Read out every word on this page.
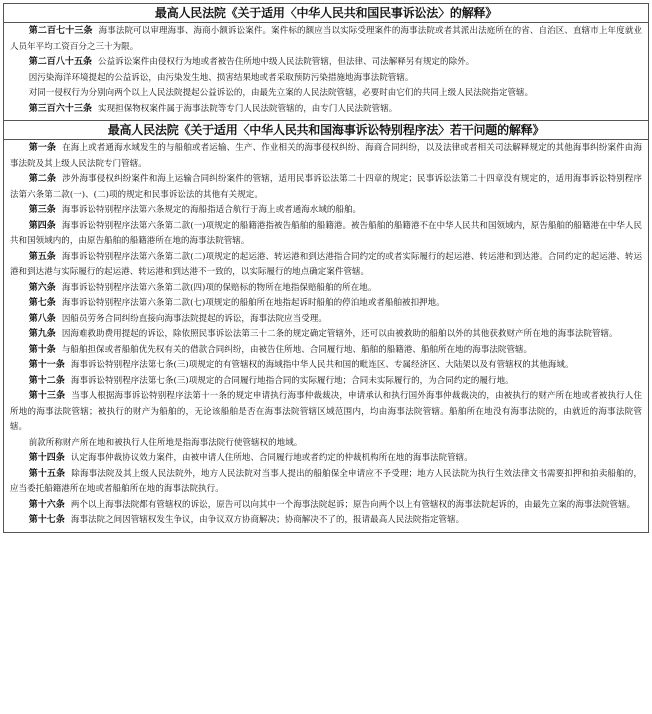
最高人民法院《关于适用〈中华人民共和国民事诉讼法〉的解释》

第二百七十三条 海事法院可以审理海事、海商小额诉讼案件。案件标的额应当以实际受理案件的海事法院或者其派出法庭所在的省、自治区、直辖市上年度就业人员年平均工资百分之三十为限。

第二百八十五条 公益诉讼案件由侵权行为地或者被告住所地中级人民法院管辖，但法律、司法解释另有规定的除外。

因污染海洋环境提起的公益诉讼，由污染发生地、损害结果地或者采取预防污染措施地海事法院管辖。

对同一侵权行为分别向两个以上人民法院提起公益诉讼的，由最先立案的人民法院管辖，必要时由它们的共同上级人民法院指定管辖。

第三百六十三条 实现担保物权案件属于海事法院等专门人民法院管辖的，由专门人民法院管辖。

最高人民法院《关于适用〈中华人民共和国海事诉讼特别程序法〉若干问题的解释》

第一条 在海上或者通海水域发生的与船舶或者运输、生产、作业相关的海事侵权纠纷、海商合同纠纷，以及法律或者相关司法解释规定的其他海事纠纷案件由海事法院及其上级人民法院专门管辖。

第二条 涉外海事侵权纠纷案件和海上运输合同纠纷案件的管辖，适用民事诉讼法第二十四章的规定；民事诉讼法第二十四章没有规定的，适用海事诉讼特别程序法第六条第二款(一)、(二)项的规定和民事诉讼法的其他有关规定。

第三条 海事诉讼特别程序法第六条规定的海船指适合航行于海上或者通海水域的船舶。

第四条 海事诉讼特别程序法第六条第二款(一)项规定的船籍港指被告船舶的船籍港。被告船舶的船籍港不在中华人民共和国领域内，原告船舶的船籍港在中华人民共和国领域内的，由原告船舶的船籍港所在地的海事法院管辖。

第五条 海事诉讼特别程序法第六条第二款(二)项规定的起运港、转运港和到达港指合同约定的或者实际履行的起运港、转运港和到达港。合同约定的起运港、转运港和到达港与实际履行的起运港、转运港和到达港不一致的，以实际履行的地点确定案件管辖。

第六条 海事诉讼特别程序法第六条第二款(四)项的保赔标的物所在地指保赔船舶的所在地。

第七条 海事诉讼特别程序法第六条第二款(七)项规定的船舶所在地指起诉时船舶的停泊地或者船舶被扣押地。

第八条 因船员劳务合同纠纷直接向海事法院提起的诉讼，海事法院应当受理。

第九条 因海难救助费用提起的诉讼，除依照民事诉讼法第三十二条的规定确定管辖外，还可以由被救助的船舶以外的其他获救财产所在地的海事法院管辖。

第十条 与船舶担保或者船舶优先权有关的借款合同纠纷，由被告住所地、合同履行地、船舶的船籍港、船舶所在地的海事法院管辖。

第十一条 海事诉讼特别程序法第七条(三)项规定的有管辖权的海域指中华人民共和国的毗连区、专属经济区、大陆架以及有管辖权的其他海域。

第十二条 海事诉讼特别程序法第七条(三)项规定的合同履行地指合同的实际履行地；合同未实际履行的，为合同约定的履行地。

第十三条 当事人根据海事诉讼特别程序法第十一条的规定申请执行海事仲裁裁决，申请承认和执行国外海事仲裁裁决的，由被执行的财产所在地或者被执行人住所地的海事法院管辖；被执行的财产为船舶的，无论该船舶是否在海事法院管辖区域范围内，均由海事法院管辖。船舶所在地没有海事法院的，由就近的海事法院管辖。

前款所称财产所在地和被执行人住所地是指海事法院行使管辖权的地域。

第十四条 认定海事仲裁协议效力案件，由被申请人住所地、合同履行地或者约定的仲裁机构所在地的海事法院管辖。

第十五条 除海事法院及其上级人民法院外，地方人民法院对当事人提出的船舶保全申请应不予受理；地方人民法院为执行生效法律文书需要扣押和拍卖船舶的，应当委托船籍港所在地或者船舶所在地的海事法院执行。

第十六条 两个以上海事法院都有管辖权的诉讼，原告可以向其中一个海事法院起诉；原告向两个以上有管辖权的海事法院起诉的，由最先立案的海事法院管辖。

第十七条 海事法院之间因管辖权发生争议，由争议双方协商解决；协商解决不了的，报请最高人民法院指定管辖。
